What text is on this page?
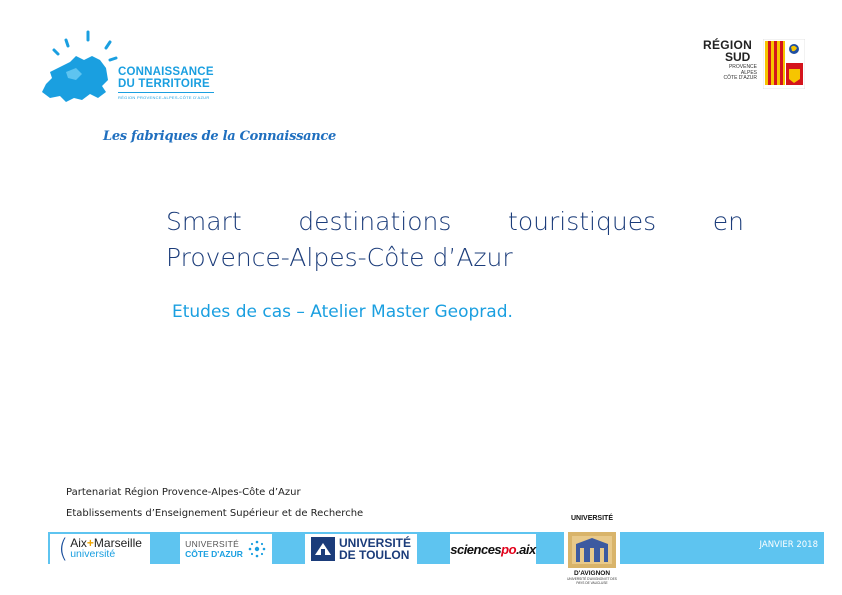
CONNAISSANCE
DU TERRITOIRE
RÉGION PROVENCE-ALPES-CÔTE D'AZUR
Les fabriques de la Connaissance
RÉGION
SUD
PROVENCE
ALPES
CÔTE D'AZUR
Smart destinations touristiques en
Provence-Alpes-Côte d’Azur
Etudes de cas – Atelier Master Geoprad.
Partenariat Région Provence-Alpes-Côte d’Azur
Etablissements d’Enseignement Supérieur et de Recherche
JANVIER 2018
( Aix+Marseille
université
UNIVERSITÉ
CÔTE D'AZUR
UNIVERSITÉ
DE TOULON	sciencespo.aix
UNIVERSITÉ
D'AVIGNON
UNIVERSITÉ D'AVIGNON ET DES PAYS DE VAUCLUSE
